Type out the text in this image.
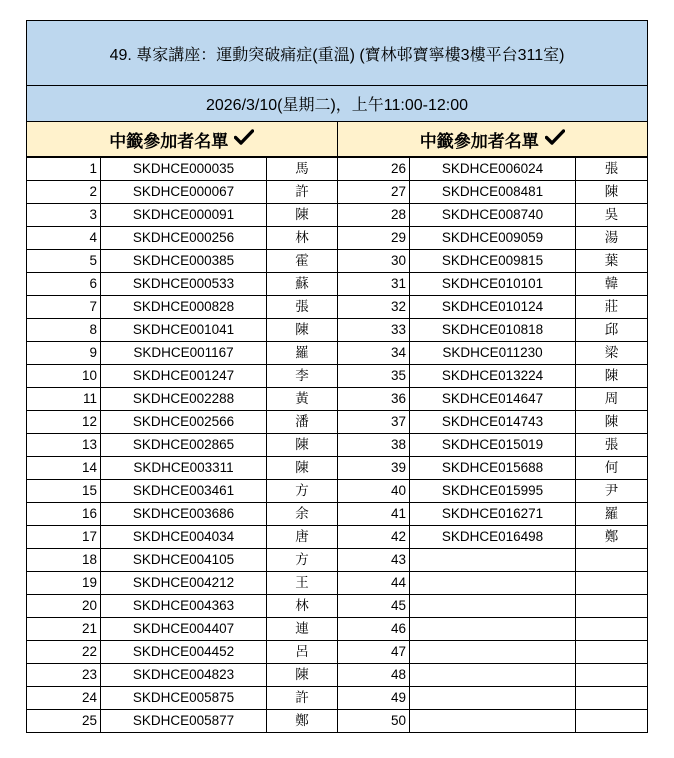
49. 專家講座：運動突破痛症(重溫) (寶林邨寶寧樓3樓平台311室)
2026/3/10(星期二)，上午11:00-12:00
中籤參加者名單	中籤參加者名單
1	SKDHCE000035	馬	26	SKDHCE006024	張
2	SKDHCE000067	許	27	SKDHCE008481	陳
3	SKDHCE000091	陳	28	SKDHCE008740	吳
4	SKDHCE000256	林	29	SKDHCE009059	湯
5	SKDHCE000385	霍	30	SKDHCE009815	葉
6	SKDHCE000533	蘇	31	SKDHCE010101	韓
7	SKDHCE000828	張	32	SKDHCE010124	莊
8	SKDHCE001041	陳	33	SKDHCE010818	邱
9	SKDHCE001167	羅	34	SKDHCE011230	梁
10	SKDHCE001247	李	35	SKDHCE013224	陳
11	SKDHCE002288	黃	36	SKDHCE014647	周
12	SKDHCE002566	潘	37	SKDHCE014743	陳
13	SKDHCE002865	陳	38	SKDHCE015019	張
14	SKDHCE003311	陳	39	SKDHCE015688	何
15	SKDHCE003461	方	40	SKDHCE015995	尹
16	SKDHCE003686	余	41	SKDHCE016271	羅
17	SKDHCE004034	唐	42	SKDHCE016498	鄭
18	SKDHCE004105	方	43		
19	SKDHCE004212	王	44		
20	SKDHCE004363	林	45		
21	SKDHCE004407	連	46		
22	SKDHCE004452	呂	47		
23	SKDHCE004823	陳	48		
24	SKDHCE005875	許	49		
25	SKDHCE005877	鄭	50		
